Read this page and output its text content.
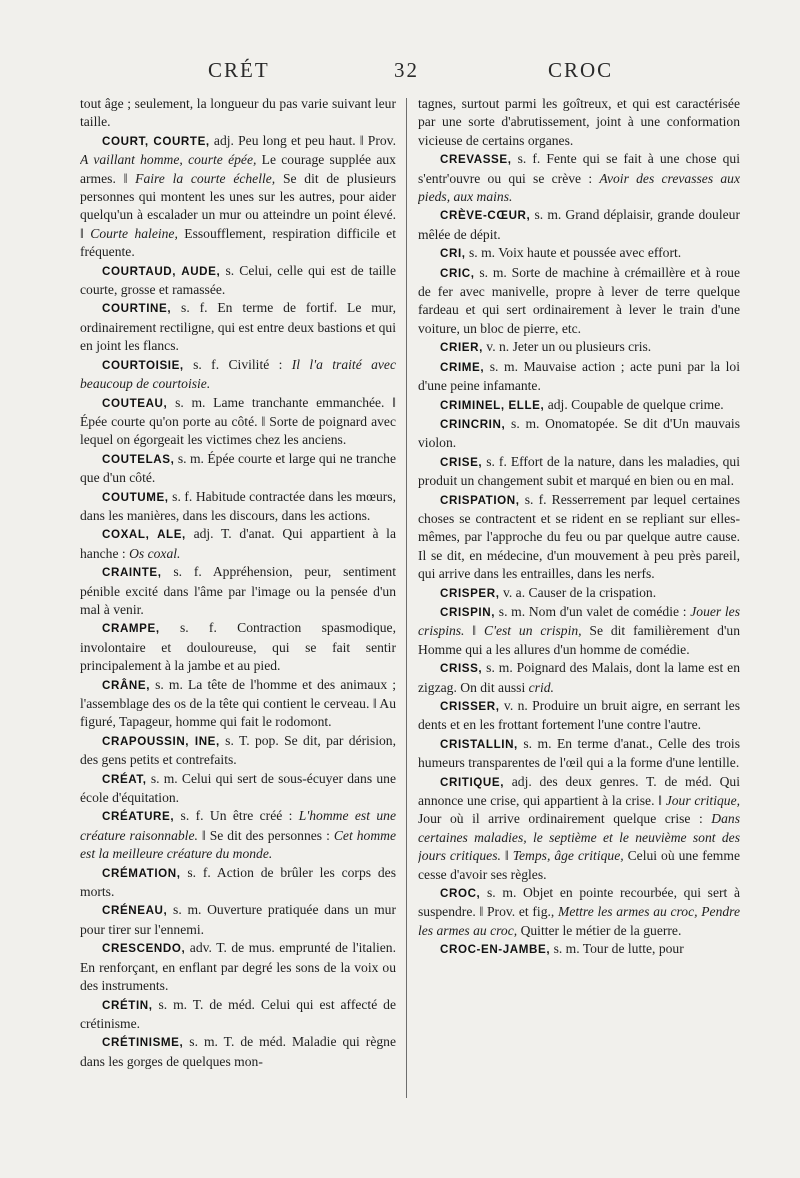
CRÉT	32	CROC

tout âge ; seulement, la longueur du pas varie suivant leur taille.

COURT, COURTE, adj. Peu long et peu haut. ‖ Prov. A vaillant homme, courte épée, Le courage supplée aux armes. ‖ Faire la courte échelle, Se dit de plusieurs personnes qui montent les unes sur les autres, pour aider quelqu'un à escalader un mur ou atteindre un point élevé. ‖ Courte haleine, Essoufflement, respiration difficile et fréquente.

COURTAUD, AUDE, s. Celui, celle qui est de taille courte, grosse et ramassée.

COURTINE, s. f. En terme de fortif. Le mur, ordinairement rectiligne, qui est entre deux bastions et qui en joint les flancs.

COURTOISIE, s. f. Civilité : Il l'a traité avec beaucoup de courtoisie.

COUTEAU, s. m. Lame tranchante emmanchée. ‖ Épée courte qu'on porte au côté. ‖ Sorte de poignard avec lequel on égorgeait les victimes chez les anciens.

COUTELAS, s. m. Épée courte et large qui ne tranche que d'un côté.

COUTUME, s. f. Habitude contractée dans les mœurs, dans les manières, dans les discours, dans les actions.

COXAL, ALE, adj. T. d'anat. Qui appartient à la hanche : Os coxal.

CRAINTE, s. f. Appréhension, peur, sentiment pénible excité dans l'âme par l'image ou la pensée d'un mal à venir.

CRAMPE, s. f. Contraction spasmodique, involontaire et douloureuse, qui se fait sentir principalement à la jambe et au pied.

CRÂNE, s. m. La tête de l'homme et des animaux ; l'assemblage des os de la tête qui contient le cerveau. ‖ Au figuré, Tapageur, homme qui fait le rodomont.

CRAPOUSSIN, INE, s. T. pop. Se dit, par dérision, des gens petits et contrefaits.

CRÉAT, s. m. Celui qui sert de sous-écuyer dans une école d'équitation.

CRÉATURE, s. f. Un être créé : L'homme est une créature raisonnable. ‖ Se dit des personnes : Cet homme est la meilleure créature du monde.

CRÉMATION, s. f. Action de brûler les corps des morts.

CRÉNEAU, s. m. Ouverture pratiquée dans un mur pour tirer sur l'ennemi.

CRESCENDO, adv. T. de mus. emprunté de l'italien. En renforçant, en enflant par degré les sons de la voix ou des instruments.

CRÉTIN, s. m. T. de méd. Celui qui est affecté de crétinisme.

CRÉTINISME, s. m. T. de méd. Maladie qui règne dans les gorges de quelques mon-

tagnes, surtout parmi les goîtreux, et qui est caractérisée par une sorte d'abrutissement, joint à une conformation vicieuse de certains organes.

CREVASSE, s. f. Fente qui se fait à une chose qui s'entr'ouvre ou qui se crève : Avoir des crevasses aux pieds, aux mains.

CRÈVE-CŒUR, s. m. Grand déplaisir, grande douleur mêlée de dépit.

CRI, s. m. Voix haute et poussée avec effort.

CRIC, s. m. Sorte de machine à crémaillère et à roue de fer avec manivelle, propre à lever de terre quelque fardeau et qui sert ordinairement à lever le train d'une voiture, un bloc de pierre, etc.

CRIER, v. n. Jeter un ou plusieurs cris.

CRIME, s. m. Mauvaise action ; acte puni par la loi d'une peine infamante.

CRIMINEL, ELLE, adj. Coupable de quelque crime.

CRINCRIN, s. m. Onomatopée. Se dit d'Un mauvais violon.

CRISE, s. f. Effort de la nature, dans les maladies, qui produit un changement subit et marqué en bien ou en mal.

CRISPATION, s. f. Resserrement par lequel certaines choses se contractent et se rident en se repliant sur elles-mêmes, par l'approche du feu ou par quelque autre cause. Il se dit, en médecine, d'un mouvement à peu près pareil, qui arrive dans les entrailles, dans les nerfs.

CRISPER, v. a. Causer de la crispation.

CRISPIN, s. m. Nom d'un valet de comédie : Jouer les crispins. ‖ C'est un crispin, Se dit familièrement d'un Homme qui a les allures d'un homme de comédie.

CRISS, s. m. Poignard des Malais, dont la lame est en zigzag. On dit aussi crid.

CRISSER, v. n. Produire un bruit aigre, en serrant les dents et en les frottant fortement l'une contre l'autre.

CRISTALLIN, s. m. En terme d'anat., Celle des trois humeurs transparentes de l'œil qui a la forme d'une lentille.

CRITIQUE, adj. des deux genres. T. de méd. Qui annonce une crise, qui appartient à la crise. ‖ Jour critique, Jour où il arrive ordinairement quelque crise : Dans certaines maladies, le septième et le neuvième sont des jours critiques. ‖ Temps, âge critique, Celui où une femme cesse d'avoir ses règles.

CROC, s. m. Objet en pointe recourbée, qui sert à suspendre. ‖ Prov. et fig., Mettre les armes au croc, Pendre les armes au croc, Quitter le métier de la guerre.

CROC-EN-JAMBE, s. m. Tour de lutte, pour
